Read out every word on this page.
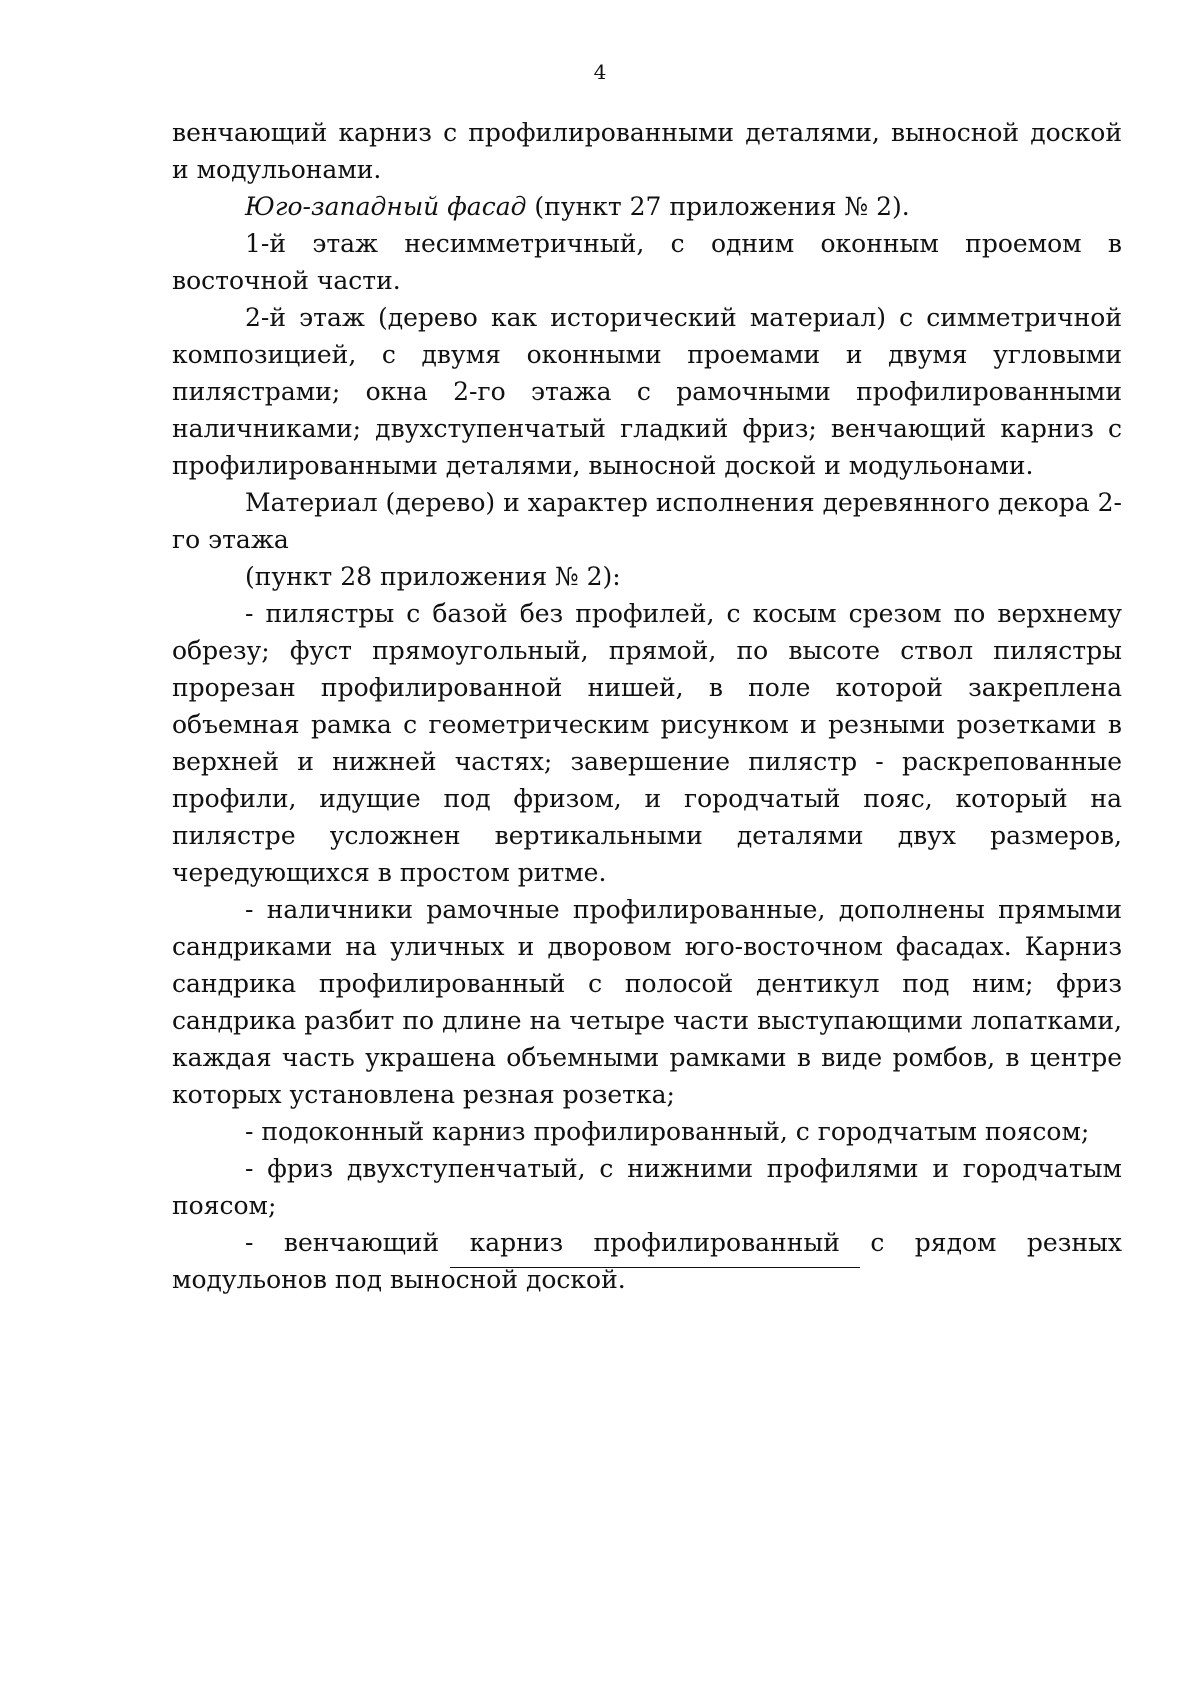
4

венчающий карниз с профилированными деталями, выносной доской и модульонами.

Юго-западный фасад (пункт 27 приложения № 2).

1-й этаж несимметричный, с одним оконным проемом в восточной части.

2-й этаж (дерево как исторический материал) с симметричной композицией, с двумя оконными проемами и двумя угловыми пилястрами; окна 2-го этажа с рамочными профилированными наличниками; двухступенчатый гладкий фриз; венчающий карниз с профилированными деталями, выносной доской и модульонами.

Материал (дерево) и характер исполнения деревянного декора 2-го этажа

(пункт 28 приложения № 2):

- пилястры с базой без профилей, с косым срезом по верхнему обрезу; фуст прямоугольный, прямой, по высоте ствол пилястры прорезан профилированной нишей, в поле которой закреплена объемная рамка с геометрическим рисунком и резными розетками в верхней и нижней частях; завершение пилястр - раскрепованные профили, идущие под фризом, и городчатый пояс, который на пилястре усложнен вертикальными деталями двух размеров, чередующихся в простом ритме.

- наличники рамочные профилированные, дополнены прямыми сандриками на уличных и дворовом юго-восточном фасадах. Карниз сандрика профилированный с полосой дентикул под ним; фриз сандрика разбит по длине на четыре части выступающими лопатками, каждая часть украшена объемными рамками в виде ромбов, в центре которых установлена резная розетка;

- подоконный карниз профилированный, с городчатым поясом;

- фриз двухступенчатый, с нижними профилями и городчатым поясом;

- венчающий карниз профилированный с рядом резных модульонов под выносной доской.
